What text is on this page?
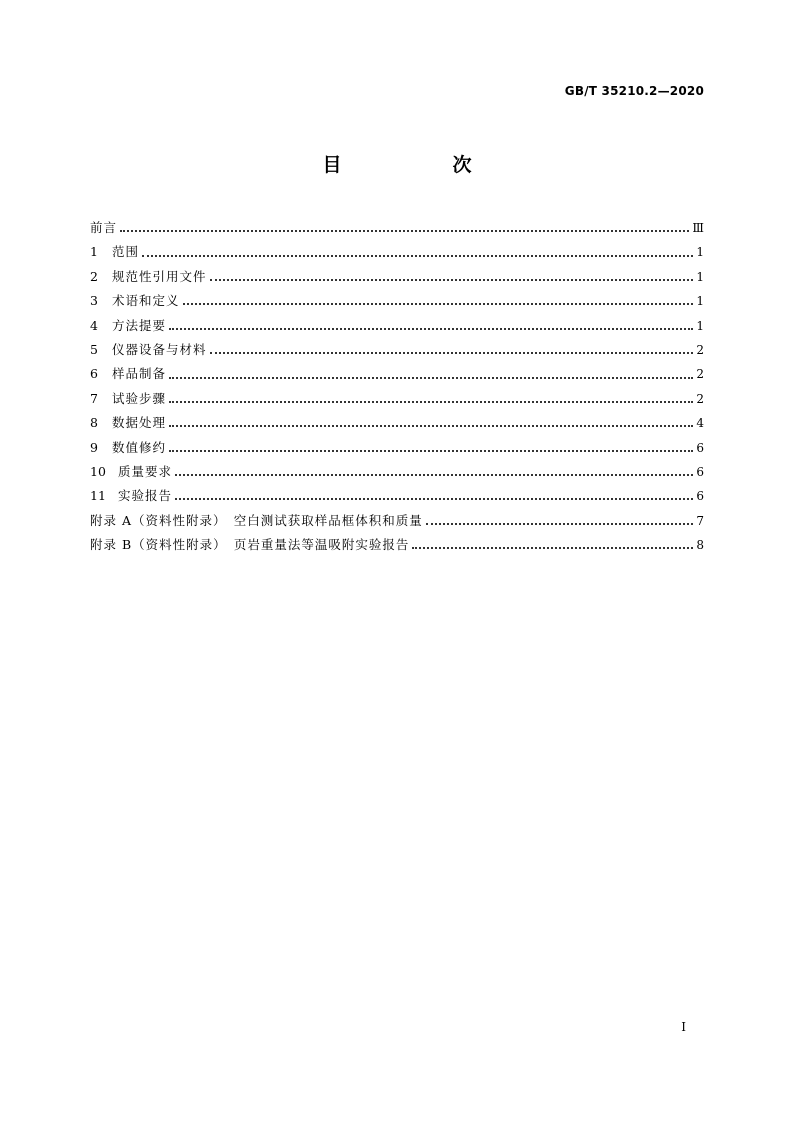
GB/T 35210.2—2020
目　次
前言	Ⅲ
1 范围	1
2 规范性引用文件	1
3 术语和定义	1
4 方法提要	1
5 仪器设备与材料	2
6 样品制备	2
7 试验步骤	2
8 数据处理	4
9 数值修约	6
10 质量要求	6
11 实验报告	6
附录 A（资料性附录）　空白测试获取样品框体积和质量	7
附录 B（资料性附录）　页岩重量法等温吸附实验报告	8
I
